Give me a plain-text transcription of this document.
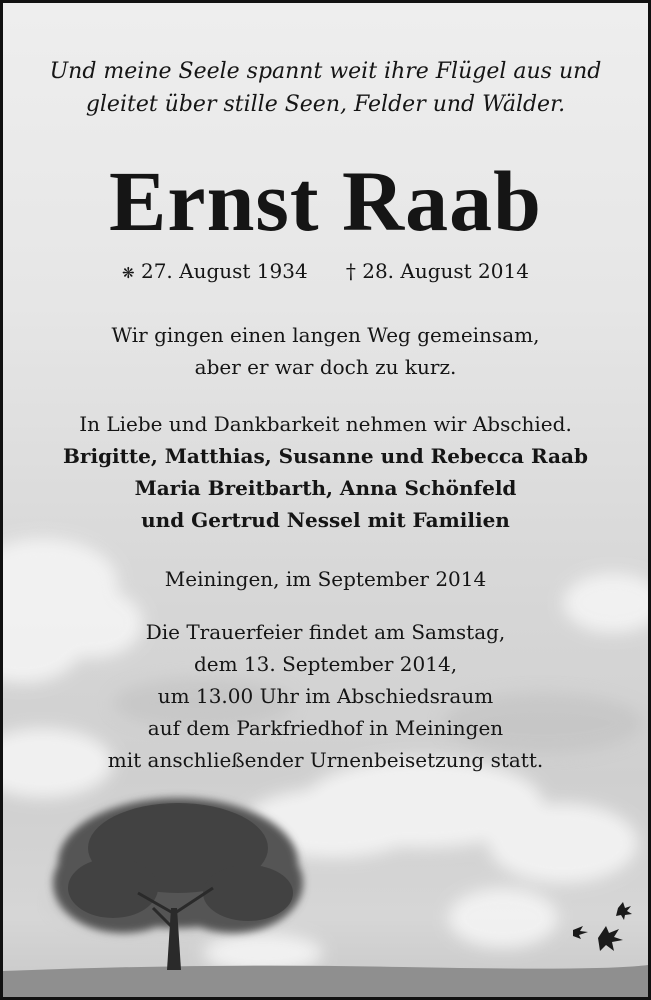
Und meine Seele spannt weit ihre Flügel aus und
gleitet über stille Seen, Felder und Wälder.
Ernst Raab
❋ 27. August 1934 † 28. August 2014
Wir gingen einen langen Weg gemeinsam,
aber er war doch zu kurz.
In Liebe und Dankbarkeit nehmen wir Abschied.
Brigitte, Matthias, Susanne und Rebecca Raab
Maria Breitbarth, Anna Schönfeld
und Gertrud Nessel mit Familien
Meiningen, im September 2014
Die Trauerfeier findet am Samstag,
dem 13. September 2014,
um 13.00 Uhr im Abschiedsraum
auf dem Parkfriedhof in Meiningen
mit anschließender Urnenbeisetzung statt.
